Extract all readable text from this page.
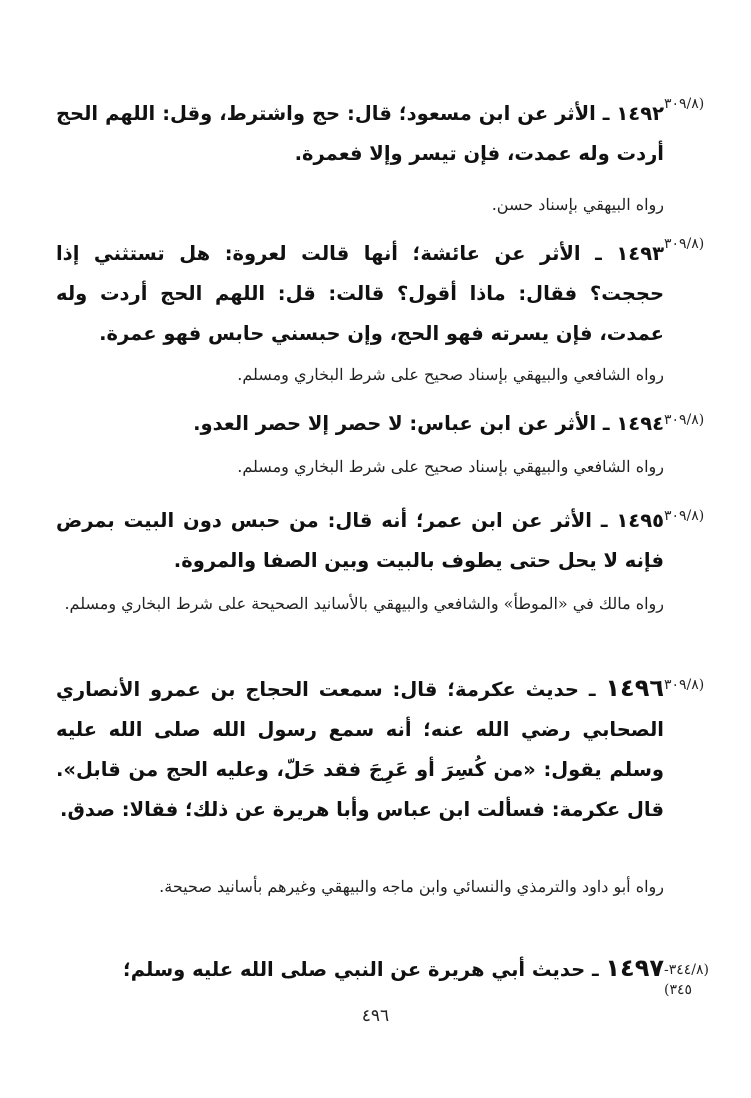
(٣٠٩/٨
١٤٩٢ ـ الأثر عن ابن مسعود؛ قال: حج واشترط، وقل: اللهم الحج أردت وله عمدت، فإن تيسر وإلا فعمرة.
رواه البيهقي بإسناد حسن.
(٣٠٩/٨
١٤٩٣ ـ الأثر عن عائشة؛ أنها قالت لعروة: هل تستثني إذا حججت؟ فقال: ماذا أقول؟ قالت: قل: اللهم الحج أردت وله عمدت، فإن يسرته فهو الحج، وإن حبسني حابس فهو عمرة.
رواه الشافعي والبيهقي بإسناد صحيح على شرط البخاري ومسلم.
(٣٠٩/٨
١٤٩٤ ـ الأثر عن ابن عباس: لا حصر إلا حصر العدو.
رواه الشافعي والبيهقي بإسناد صحيح على شرط البخاري ومسلم.
(٣٠٩/٨
١٤٩٥ ـ الأثر عن ابن عمر؛ أنه قال: من حبس دون البيت بمرض فإنه لا يحل حتى يطوف بالبيت وبين الصفا والمروة.
رواه مالك في «الموطأ» والشافعي والبيهقي بالأسانيد الصحيحة على شرط البخاري ومسلم.
(٣٠٩/٨
١٤٩٦ ـ حديث عكرمة؛ قال: سمعت الحجاج بن عمرو الأنصاري الصحابي رضي الله عنه؛ أنه سمع رسول الله صلى الله عليه وسلم يقول: «من كُسِرَ أو عَرِجَ فقد حَلّ، وعليه الحج من قابل». قال عكرمة: فسألت ابن عباس وأبا هريرة عن ذلك؛ فقالا: صدق.
رواه أبو داود والترمذي والنسائي وابن ماجه والبيهقي وغيرهم بأسانيد صحيحة.
(٣٤٤/٨- ٣٤٥)
١٤٩٧ ـ حديث أبي هريرة عن النبي صلى الله عليه وسلم؛
٤٩٦
